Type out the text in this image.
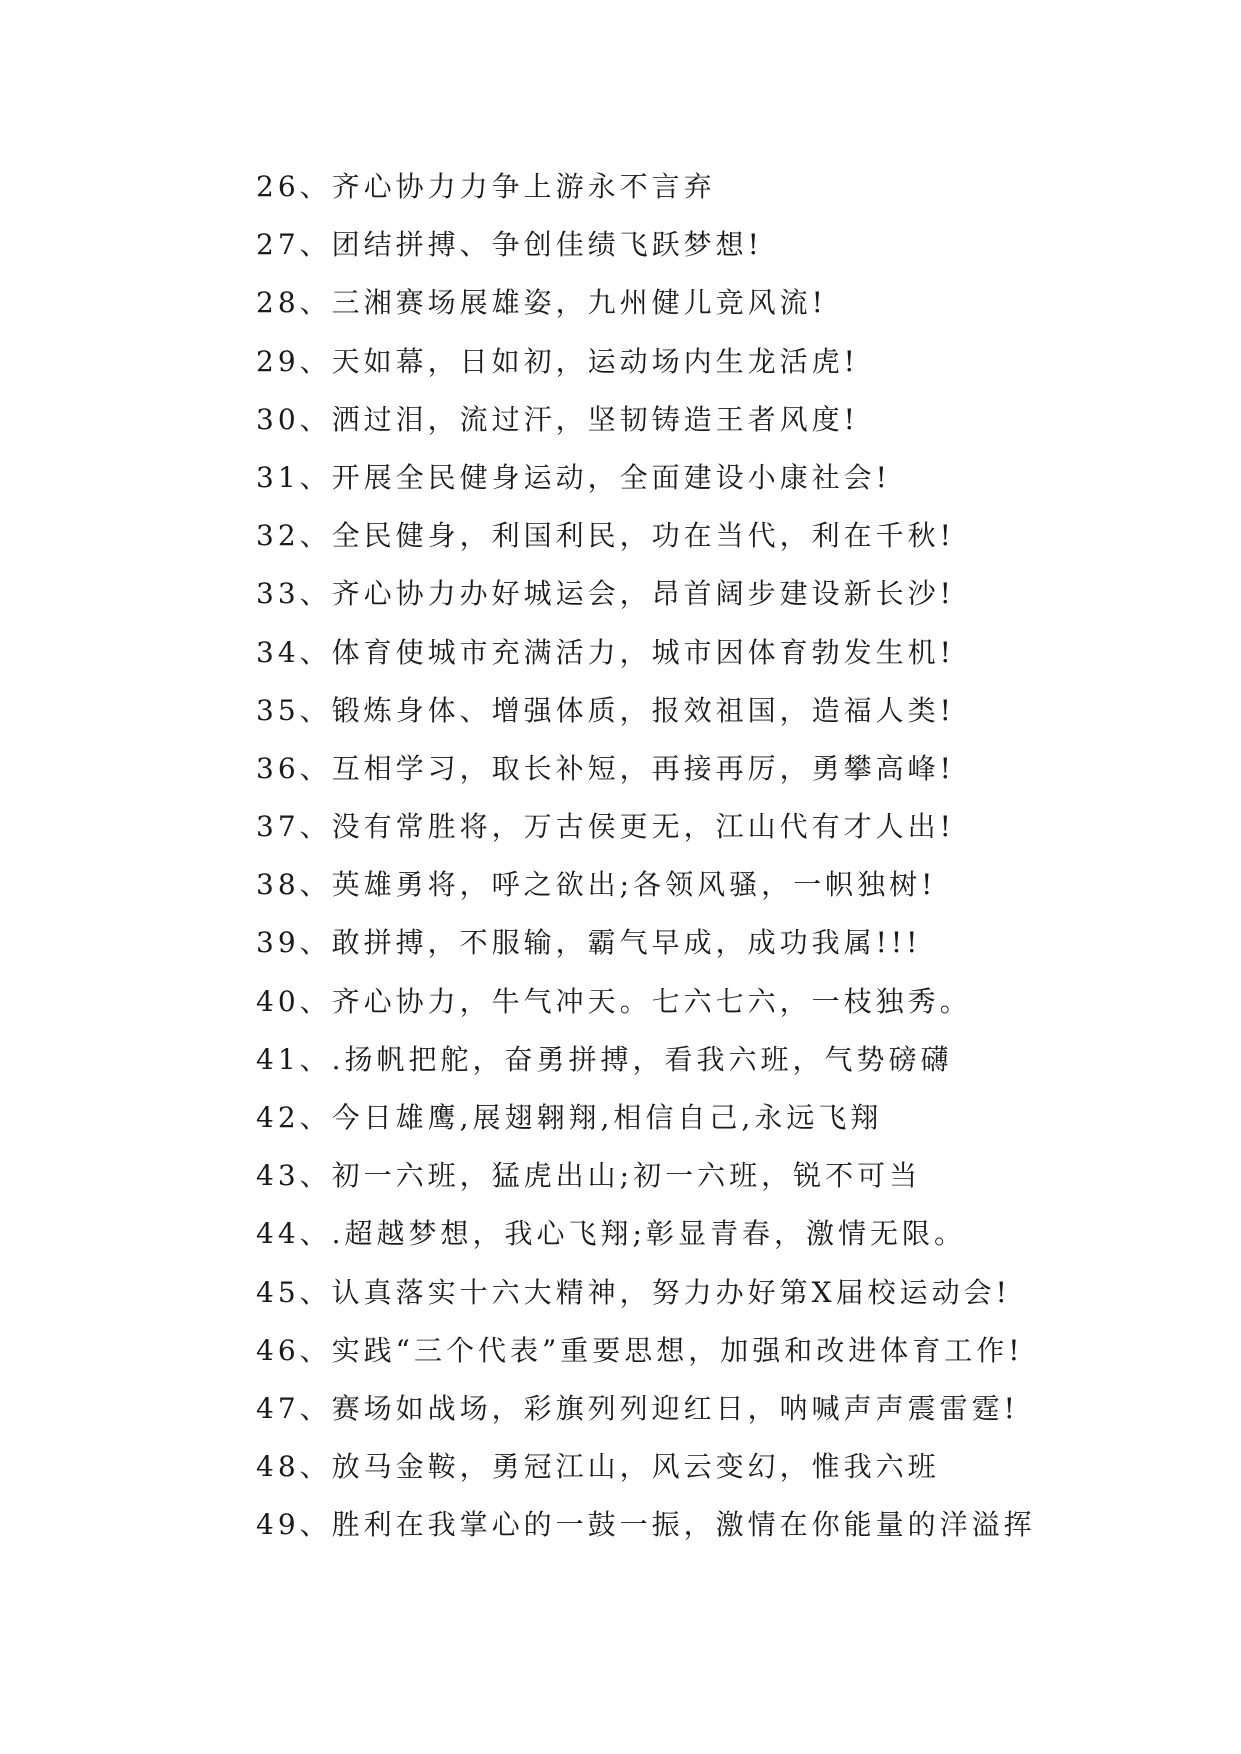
26、齐心协力力争上游永不言弃
27、团结拼搏、争创佳绩飞跃梦想!
28、三湘赛场展雄姿，九州健儿竞风流!
29、天如幕，日如初，运动场内生龙活虎!
30、洒过泪，流过汗，坚韧铸造王者风度!
31、开展全民健身运动，全面建设小康社会!
32、全民健身，利国利民，功在当代，利在千秋!
33、齐心协力办好城运会，昂首阔步建设新长沙!
34、体育使城市充满活力，城市因体育勃发生机!
35、锻炼身体、增强体质，报效祖国，造福人类!
36、互相学习，取长补短，再接再厉，勇攀高峰!
37、没有常胜将，万古侯更无，江山代有才人出!
38、英雄勇将，呼之欲出;各领风骚，一帜独树!
39、敢拼搏，不服输，霸气早成，成功我属!!!
40、齐心协力，牛气冲天。七六七六，一枝独秀。
41、.扬帆把舵，奋勇拼搏，看我六班，气势磅礴
42、今日雄鹰,展翅翱翔,相信自己,永远飞翔
43、初一六班，猛虎出山;初一六班，锐不可当
44、.超越梦想，我心飞翔;彰显青春，激情无限。
45、认真落实十六大精神，努力办好第X届校运动会!
46、实践“三个代表”重要思想，加强和改进体育工作!
47、赛场如战场，彩旗列列迎红日，呐喊声声震雷霆!
48、放马金鞍，勇冠江山，风云变幻，惟我六班
49、胜利在我掌心的一鼓一振，激情在你能量的洋溢挥
